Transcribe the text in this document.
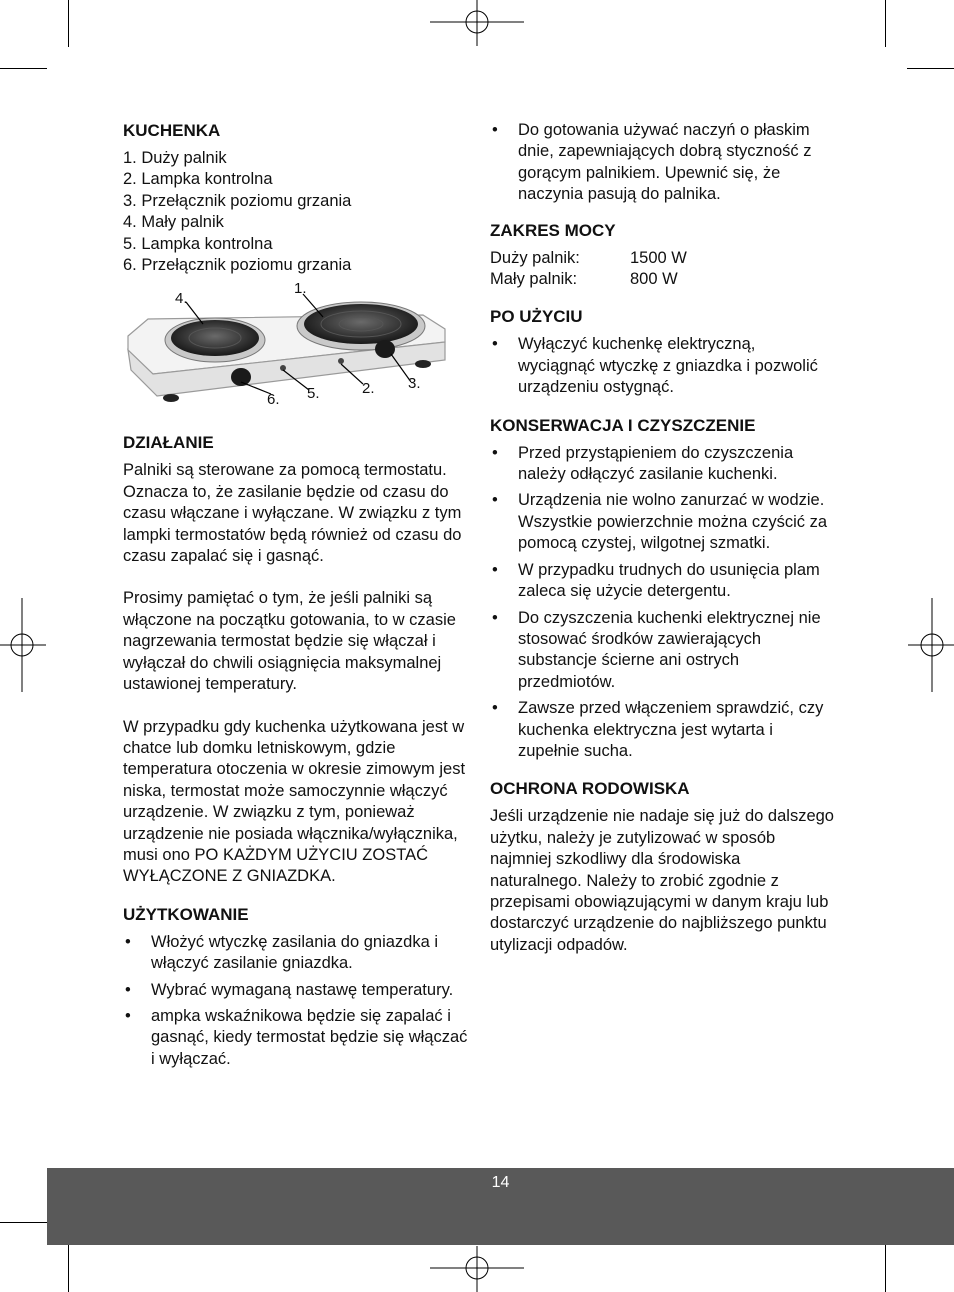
KUCHENKA
1. Duży palnik
2. Lampka kontrolna
3. Przełącznik poziomu grzania
4. Mały palnik
5. Lampka kontrolna
6. Przełącznik poziomu grzania
1.
2. 3.
4.
5.
6.
DZIAŁANIE

Palniki są sterowane za pomocą termostatu. Oznacza to, że zasilanie będzie od czasu do czasu włączane i wyłączane. W związku z tym lampki termostatów będą również od czasu do czasu zapalać się i gasnąć.

Prosimy pamiętać o tym, że jeśli palniki są włączone na początku gotowania, to w czasie nagrzewania termostat będzie się włączał i wyłączał do chwili osiągnięcia maksymalnej ustawionej temperatury.

W przypadku gdy kuchenka użytkowana jest w chatce lub domku letniskowym, gdzie temperatura otoczenia w okresie zimowym jest niska, termostat może samoczynnie włączyć urządzenie. W związku z tym, ponieważ urządzenie nie posiada włącznika/wyłącznika, musi ono PO KAŻDYM UŻYCIU ZOSTAĆ WYŁĄCZONE Z GNIAZDKA.

UŻYTKOWANIE
• Włożyć wtyczkę zasilania do gniazdka i włączyć zasilanie gniazdka.
• Wybrać wymaganą nastawę temperatury.
• ampka wskaźnikowa będzie się zapalać i gasnąć, kiedy termostat będzie się włączać i wyłączać.
• Do gotowania używać naczyń o płaskim dnie, zapewniających dobrą styczność z gorącym palnikiem. Upewnić się, że naczynia pasują do palnika.
ZAKRES MOCY
Duży palnik:	1500 W
Mały palnik:	800 W
PO UŻYCIU
• Wyłączyć kuchenkę elektryczną, wyciągnąć wtyczkę z gniazdka i pozwolić urządzeniu ostygnąć.
KONSERWACJA I CZYSZCZENIE
• Przed przystąpieniem do czyszczenia należy odłączyć zasilanie kuchenki.
• Urządzenia nie wolno zanurzać w wodzie. Wszystkie powierzchnie można czyścić za pomocą czystej, wilgotnej szmatki.
• W przypadku trudnych do usunięcia plam zaleca się użycie detergentu.
• Do czyszczenia kuchenki elektrycznej nie stosować środków zawierających substancje ścierne ani ostrych przedmiotów.
• Zawsze przed włączeniem sprawdzić, czy kuchenka elektryczna jest wytarta i zupełnie sucha.
OCHRONA RODOWISKA

Jeśli urządzenie nie nadaje się już do dalszego użytku, należy je zutylizować w sposób najmniej szkodliwy dla środowiska naturalnego. Należy to zrobić zgodnie z przepisami obowiązującymi w danym kraju lub dostarczyć urządzenie do najbliższego punktu utylizacji odpadów.

14
